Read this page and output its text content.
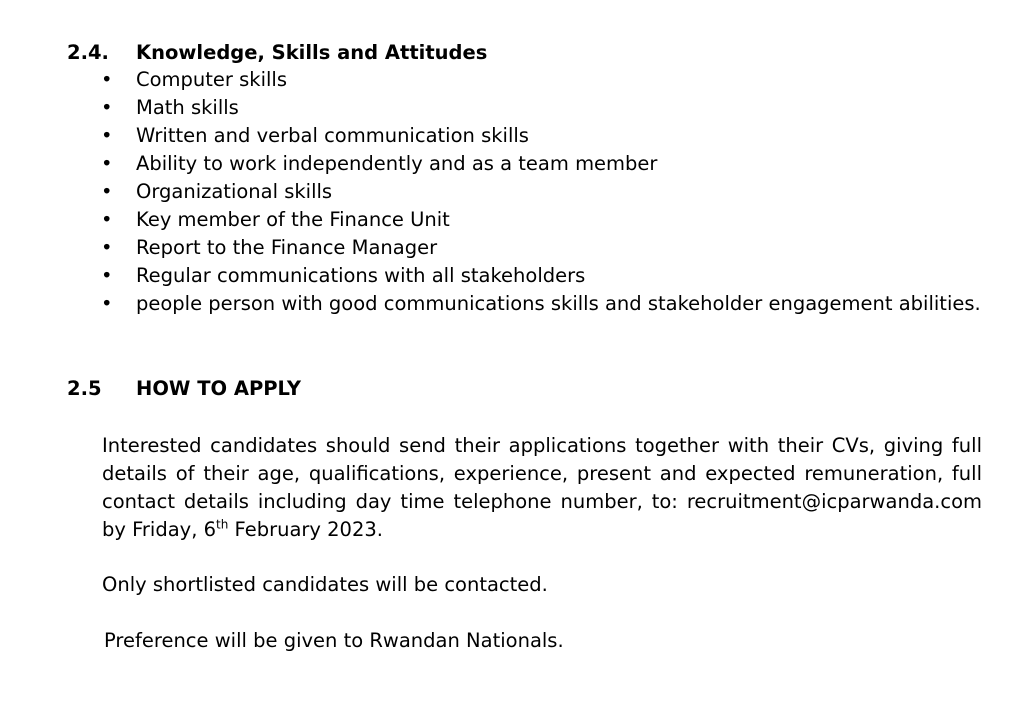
2.4. Knowledge, Skills and Attitudes
• Computer skills
• Math skills
• Written and verbal communication skills
• Ability to work independently and as a team member
• Organizational skills
• Key member of the Finance Unit
• Report to the Finance Manager
• Regular communications with all stakeholders
• people person with good communications skills and stakeholder engagement abilities.
2.5 HOW TO APPLY

Interested candidates should send their applications together with their CVs, giving full details of their age, qualifications, experience, present and expected remuneration, full contact details including day time telephone number, to: recruitment@icparwanda.com by Friday, 6th February 2023.

Only shortlisted candidates will be contacted.

Preference will be given to Rwandan Nationals.
